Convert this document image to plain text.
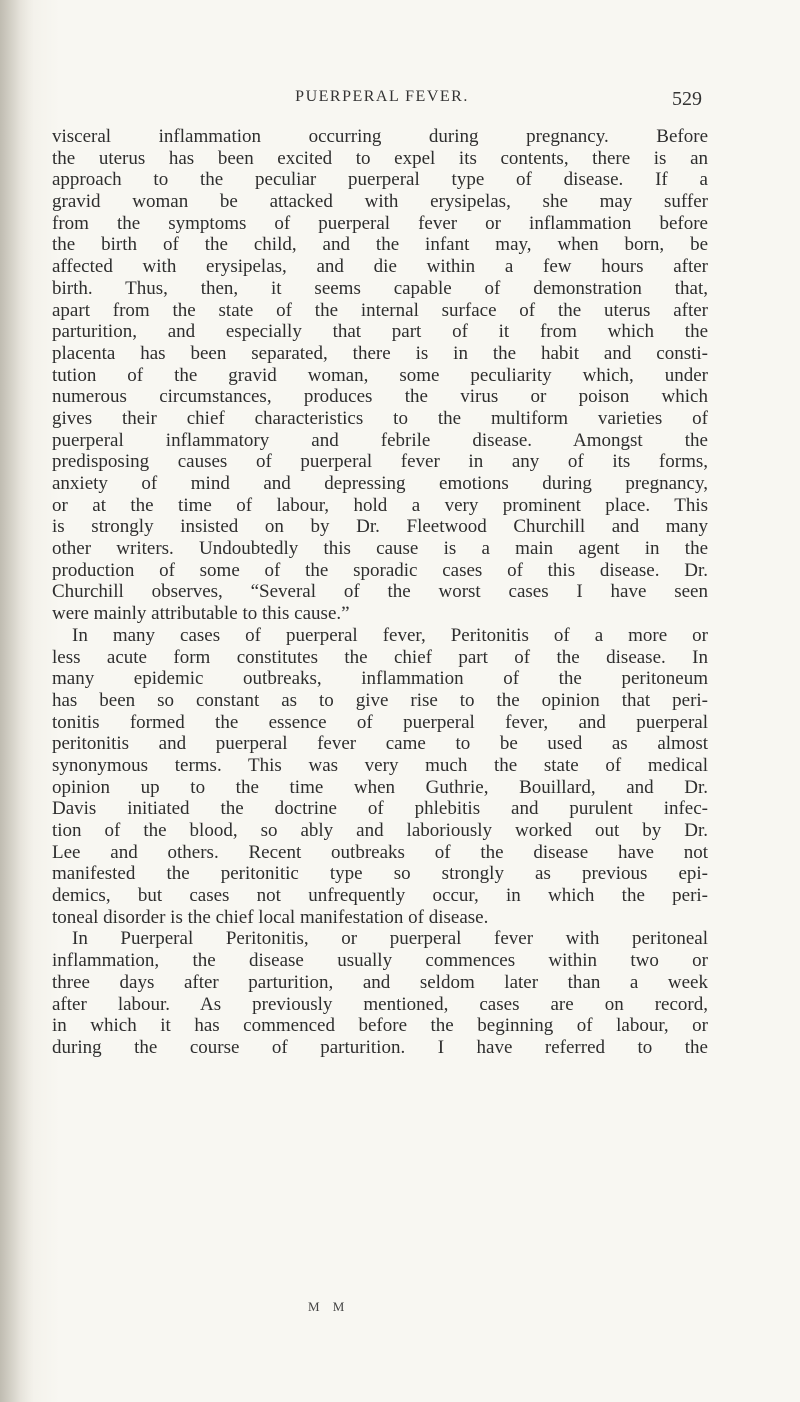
PUERPERAL FEVER.	529
visceral inflammation occurring during pregnancy. Before
the uterus has been excited to expel its contents, there is an
approach to the peculiar puerperal type of disease. If a
gravid woman be attacked with erysipelas, she may suffer
from the symptoms of puerperal fever or inflammation before
the birth of the child, and the infant may, when born, be
affected with erysipelas, and die within a few hours after
birth. Thus, then, it seems capable of demonstration that,
apart from the state of the internal surface of the uterus after
parturition, and especially that part of it from which the
placenta has been separated, there is in the habit and consti-
tution of the gravid woman, some peculiarity which, under
numerous circumstances, produces the virus or poison which
gives their chief characteristics to the multiform varieties of
puerperal inflammatory and febrile disease. Amongst the
predisposing causes of puerperal fever in any of its forms,
anxiety of mind and depressing emotions during pregnancy,
or at the time of labour, hold a very prominent place. This
is strongly insisted on by Dr. Fleetwood Churchill and many
other writers. Undoubtedly this cause is a main agent in the
production of some of the sporadic cases of this disease. Dr.
Churchill observes, “Several of the worst cases I have seen
were mainly attributable to this cause.”
In many cases of puerperal fever, Peritonitis of a more or
less acute form constitutes the chief part of the disease. In
many epidemic outbreaks, inflammation of the peritoneum
has been so constant as to give rise to the opinion that peri-
tonitis formed the essence of puerperal fever, and puerperal
peritonitis and puerperal fever came to be used as almost
synonymous terms. This was very much the state of medical
opinion up to the time when Guthrie, Bouillard, and Dr.
Davis initiated the doctrine of phlebitis and purulent infec-
tion of the blood, so ably and laboriously worked out by Dr.
Lee and others. Recent outbreaks of the disease have not
manifested the peritonitic type so strongly as previous epi-
demics, but cases not unfrequently occur, in which the peri-
toneal disorder is the chief local manifestation of disease.
In Puerperal Peritonitis, or puerperal fever with peritoneal
inflammation, the disease usually commences within two or
three days after parturition, and seldom later than a week
after labour. As previously mentioned, cases are on record,
in which it has commenced before the beginning of labour, or
during the course of parturition. I have referred to the
M M
